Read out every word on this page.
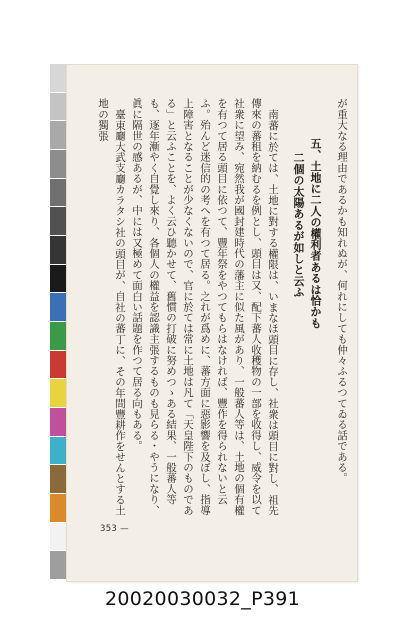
が重大なる理由であるかも知れぬが、何れにしても仲々ふるつてゐる話である。

五、土地に二人の權利者あるは恰かも
二個の太陽あるが如しと云ふ

南蕃に於ては、土地に對する權限は、いまなほ頭目に存し、社衆は頭目に對し、祖先傳來の蕃租を納むるを例とし、頭目は又、配下蕃人收穫物の一部を收得し、威令を以て社衆に望み、宛然我が國封建時代の藩主に似た風があり、一般蕃人等は、土地の個有權を有つて居る頭目に依つて、豐年祭をやつてもらはなければ、豐作を得られないと云ふ。殆んど迷信的の考へを有つて居る。之れが爲めに、蕃方面に惡影響を及ぼし、指導上障害となることが少なくないので、官に於ては常に土地は凡て「天皇陛下のものである」と云ふことを、よく云ひ聽かせて、舊慣の打破に努めつゝある結果、一般蕃人等も、逐年漸やく自覺し來り、各個人の權益を認識主張するものも見らる・やうになり、眞に隔世の感あるが、中には又極めて面白い話題を作つて居る向もある。

臺東廳大武支廳カラタシ社の頭目が、自社の蕃丁に、その年間豐耕作をせんとする土地の獨張

353 —
20020030032_P391
